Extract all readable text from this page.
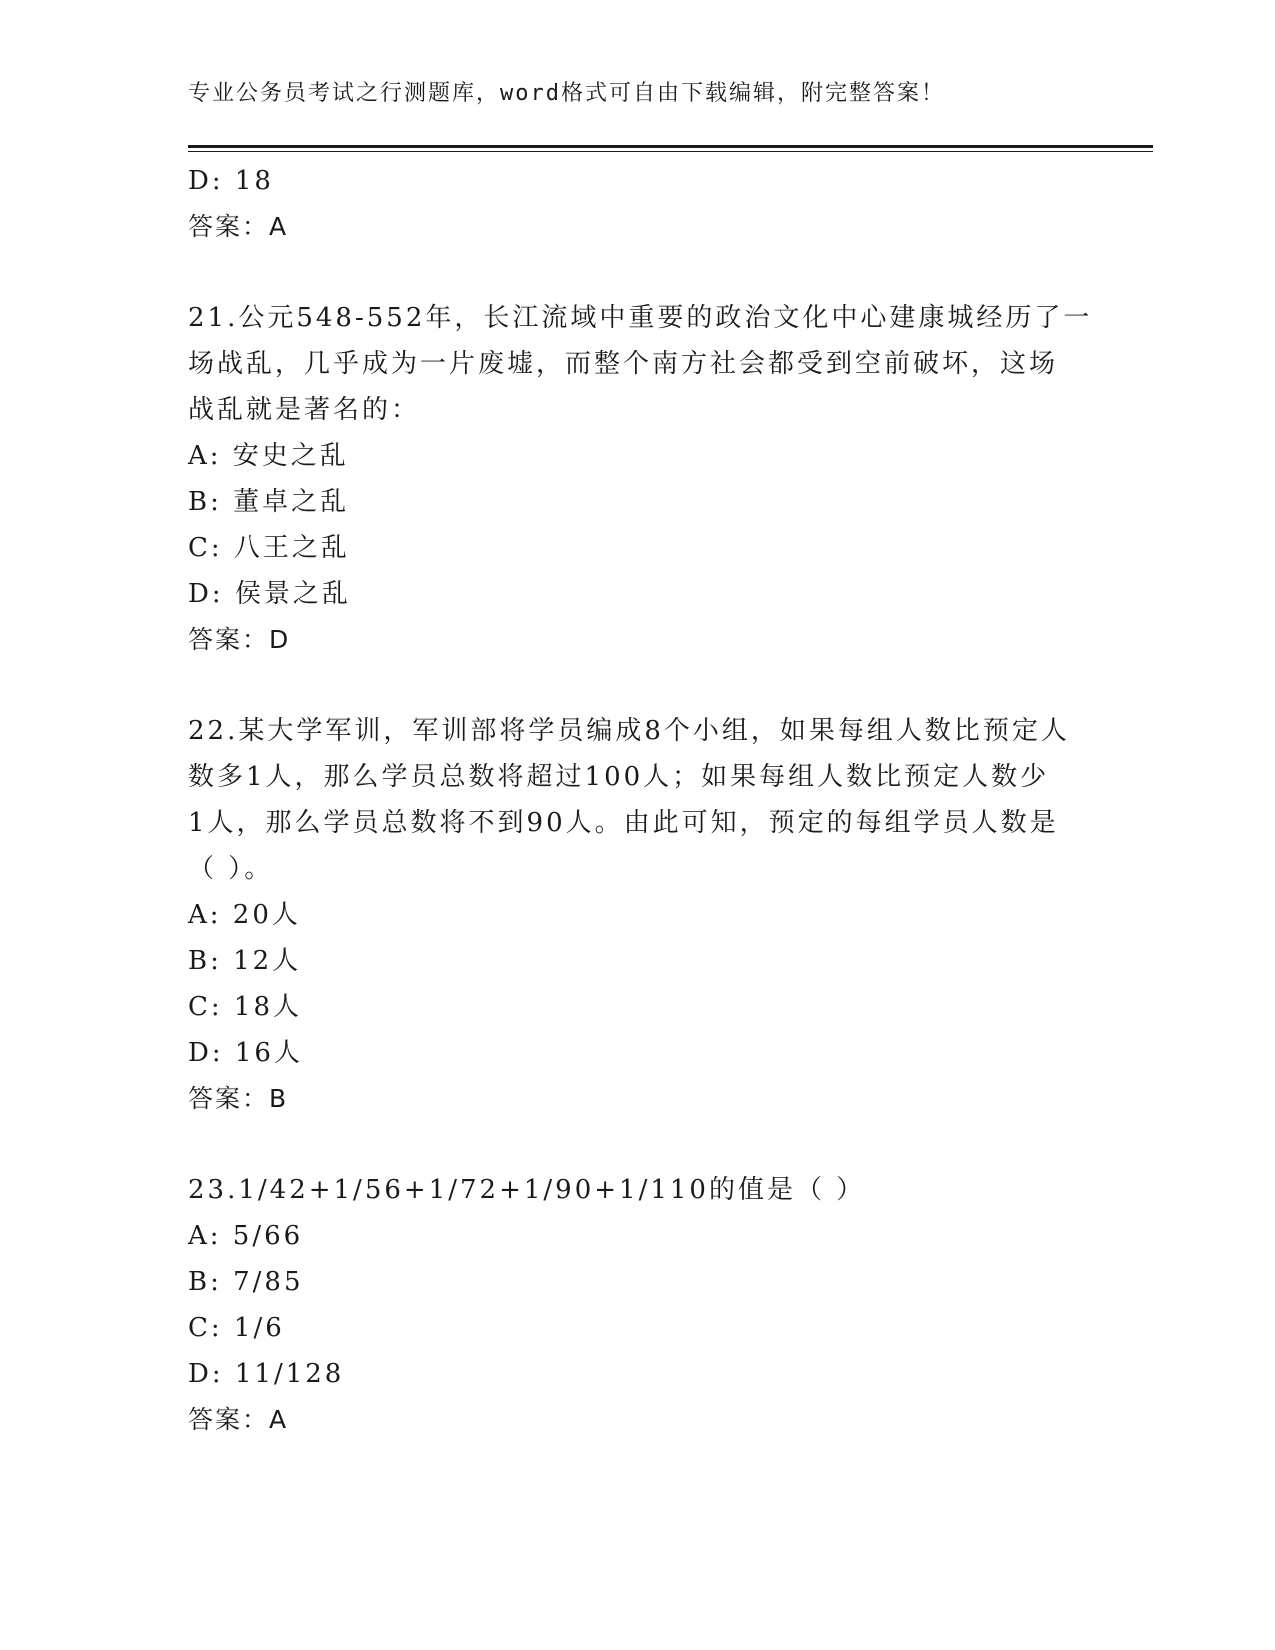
专业公务员考试之行测题库，word格式可自由下载编辑，附完整答案！
D: 18
答案：A
21.公元548-552年，长江流域中重要的政治文化中心建康城经历了一
场战乱，几乎成为一片废墟，而整个南方社会都受到空前破坏，这场
战乱就是著名的：
A: 安史之乱
B: 董卓之乱
C: 八王之乱
D: 侯景之乱
答案：D
22.某大学军训，军训部将学员编成8个小组，如果每组人数比预定人
数多1人，那么学员总数将超过100人；如果每组人数比预定人数少
1人，那么学员总数将不到90人。由此可知，预定的每组学员人数是
（ ）。
A: 20人
B: 12人
C: 18人
D: 16人
答案：B
23.1/42+1/56+1/72+1/90+1/110的值是（ ）
A: 5/66
B: 7/85
C: 1/6
D: 11/128
答案：A
